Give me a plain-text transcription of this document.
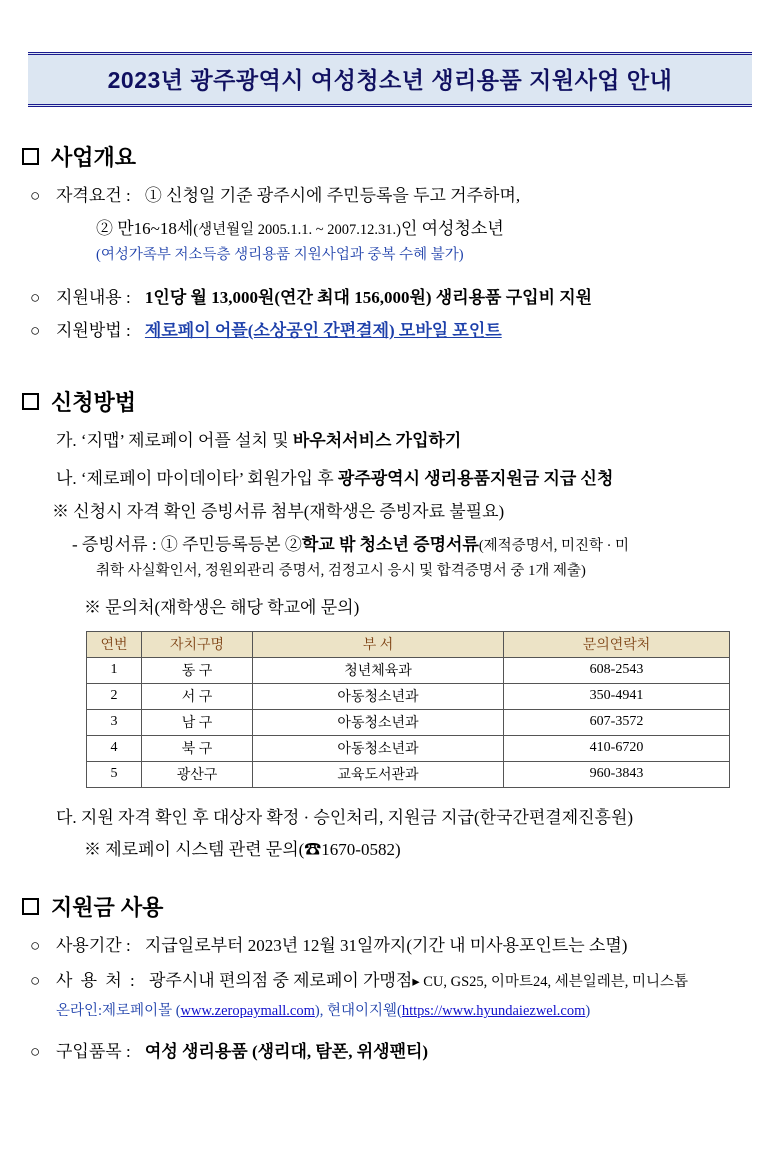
2023년 광주광역시 여성청소년 생리용품 지원사업 안내
사업개요
○ 자격요건 : ① 신청일 기준 광주시에 주민등록을 두고 거주하며,
② 만16~18세(생년월일 2005.1.1. ~ 2007.12.31.)인 여성청소년
(여성가족부 저소득층 생리용품 지원사업과 중복 수혜 불가)
○ 지원내용 : 1인당 월 13,000원(연간 최대 156,000원) 생리용품 구입비 지원
○ 지원방법 : 제로페이 어플(소상공인 간편결제) 모바일 포인트
신청방법
가. ‘지맵’ 제로페이 어플 설치 및 바우처서비스 가입하기
나. ‘제로페이 마이데이타’ 회원가입 후 광주광역시 생리용품지원금 지급 신청
※ 신청시 자격 확인 증빙서류 첨부(재학생은 증빙자료 불필요)
- 증빙서류 : ① 주민등록등본 ②학교 밖 청소년 증명서류(제적증명서, 미진학 · 미
취학 사실확인서, 정원외관리 증명서, 검정고시 응시 및 합격증명서 중 1개 제출)
※ 문의처(재학생은 해당 학교에 문의)
연번	자치구명	부 서	문의연락처
1	동 구	청년체육과	608-2543
2	서 구	아동청소년과	350-4941
3	남 구	아동청소년과	607-3572
4	북 구	아동청소년과	410-6720
5	광산구	교육도서관과	960-3843
다. 지원 자격 확인 후 대상자 확정 · 승인처리, 지원금 지급(한국간편결제진흥원)
※ 제로페이 시스템 관련 문의(☎1670-0582)
지원금 사용
○ 사용기간 : 지급일로부터 2023년 12월 31일까지(기간 내 미사용포인트는 소멸)
○ 사 용 처 : 광주시내 편의점 중 제로페이 가맹점▸ CU, GS25, 이마트24, 세븐일레븐, 미니스톱
온라인:제로페이몰 (www.zeropaymall.com), 현대이지웰(https://www.hyundaiezwel.com)
○ 구입품목 : 여성 생리용품 (생리대, 탐폰, 위생팬티)
